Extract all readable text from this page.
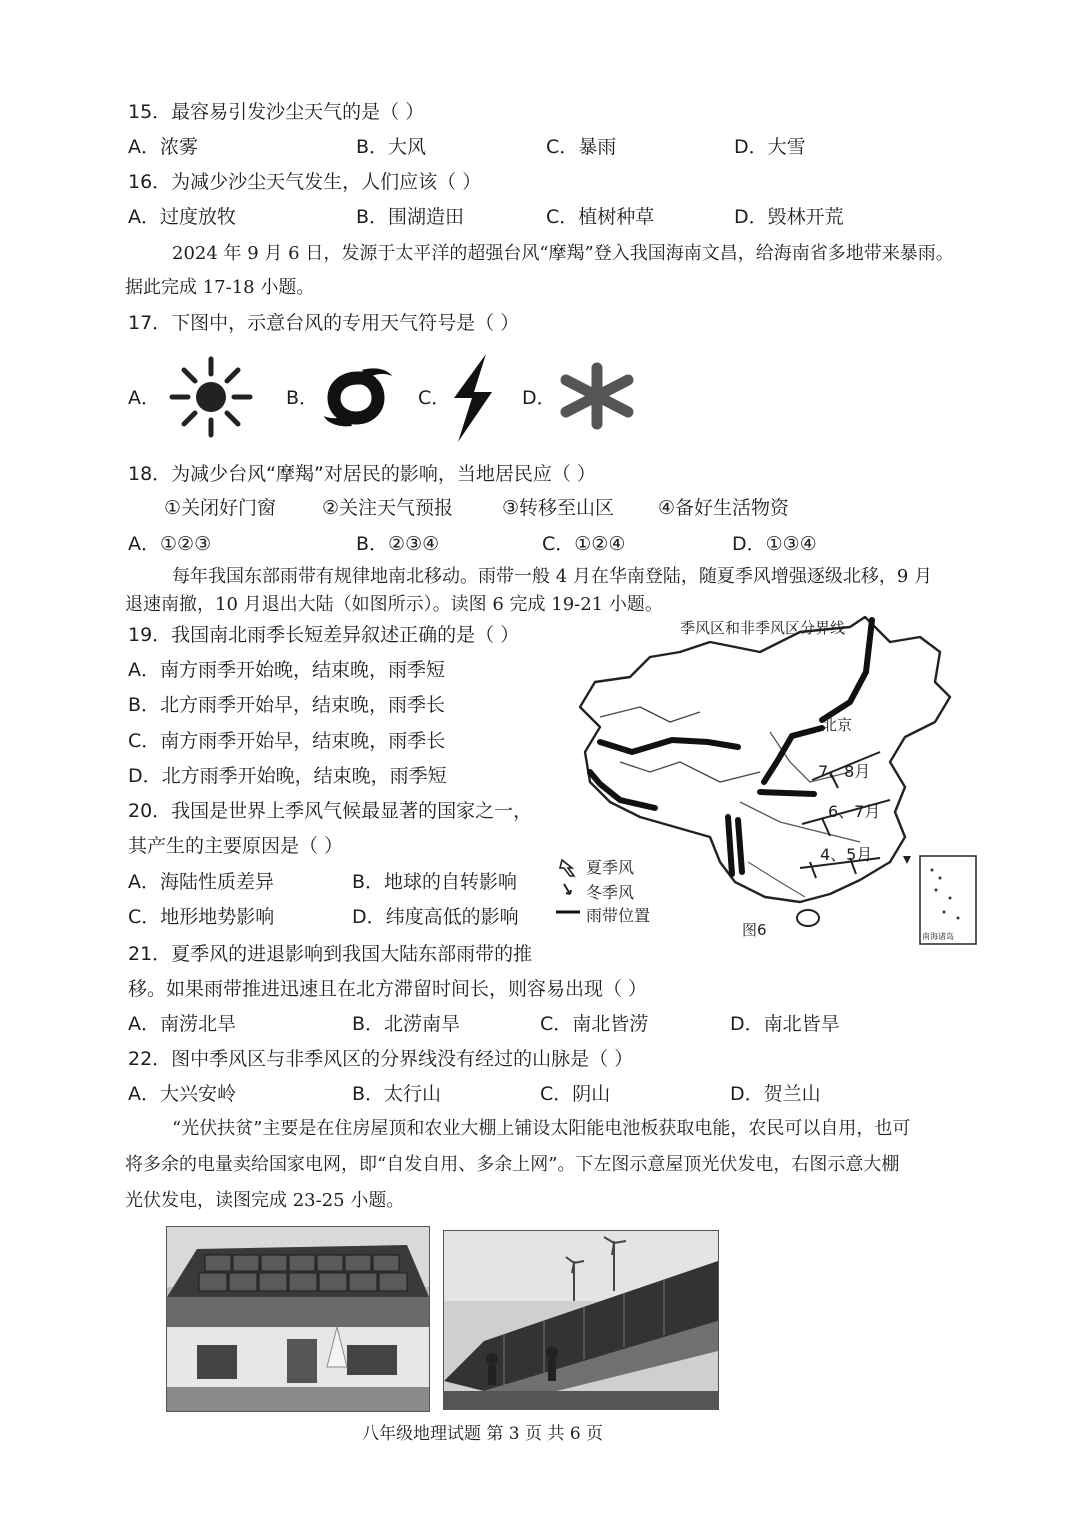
15．最容易引发沙尘天气的是（ ）
A．浓雾	B．大风	C．暴雨	D．大雪
16．为减少沙尘天气发生，人们应该（ ）
A．过度放牧	B．围湖造田	C．植树种草	D．毁林开荒
2024 年 9 月 6 日，发源于太平洋的超强台风“摩羯”登入我国海南文昌，给海南省多地带来暴雨。
据此完成 17-18 小题。
17．下图中，示意台风的专用天气符号是（ ）
A．	B．	C．	D．
18．为减少台风“摩羯”对居民的影响，当地居民应（ ）
①关闭好门窗 ②关注天气预报	③转移至山区 ④备好生活物资
A．①②③	B．②③④	C．①②④	D．①③④
每年我国东部雨带有规律地南北移动。雨带一般 4 月在华南登陆，随夏季风增强逐级北移，9 月
退速南撤，10 月退出大陆（如图所示）。读图 6 完成 19-21 小题。
19．我国南北雨季长短差异叙述正确的是（ ）
A．南方雨季开始晚，结束晚，雨季短
B．北方雨季开始早，结束晚，雨季长
C．南方雨季开始早，结束晚，雨季长
D．北方雨季开始晚，结束晚，雨季短
20．我国是世界上季风气候最显著的国家之一，
其产生的主要原因是（ ）
A．海陆性质差异	B．地球的自转影响
C．地形地势影响	D．纬度高低的影响
季风区和非季风区分界线
北京
7、8月
6、7月
4、5月
夏季风
冬季风
雨带位置
图6	南海诸岛
21．夏季风的进退影响到我国大陆东部雨带的推
移。如果雨带推进迅速且在北方滞留时间长，则容易出现（ ）
A．南涝北旱	B．北涝南旱	C．南北皆涝	D．南北皆旱
22．图中季风区与非季风区的分界线没有经过的山脉是（ ）
A．大兴安岭	B．太行山	C．阴山	D．贺兰山
“光伏扶贫”主要是在住房屋顶和农业大棚上铺设太阳能电池板获取电能，农民可以自用，也可
将多余的电量卖给国家电网，即“自发自用、多余上网”。下左图示意屋顶光伏发电，右图示意大棚
光伏发电，读图完成 23-25 小题。
八年级地理试题 第 3 页 共 6 页
